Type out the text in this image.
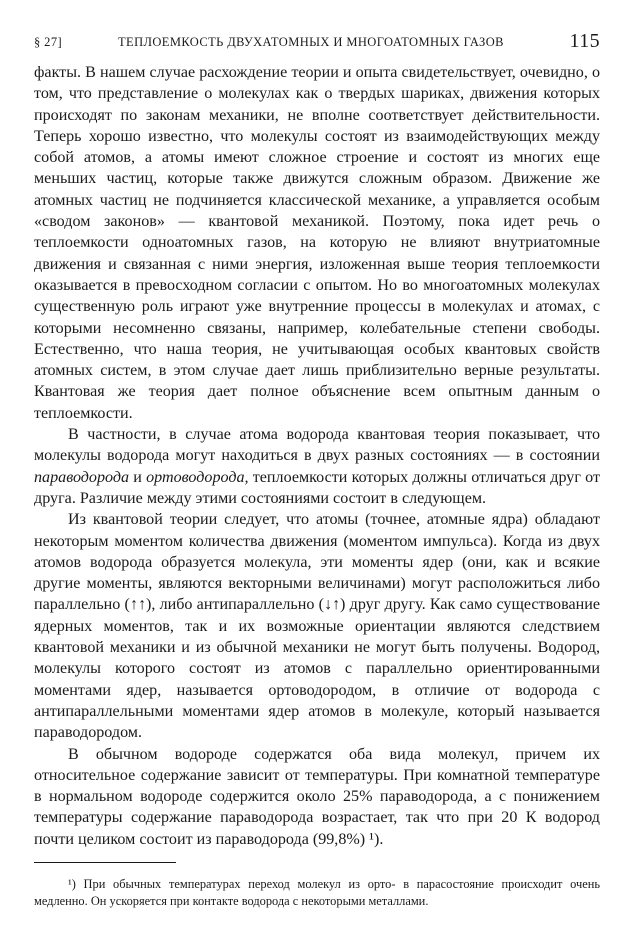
§ 27]	ТЕПЛОЕМКОСТЬ ДВУХАТОМНЫХ И МНОГОАТОМНЫХ ГАЗОВ	115

факты. В нашем случае расхождение теории и опыта свидетельствует, очевидно, о том, что представление о молекулах как о твердых шариках, движения которых происходят по законам механики, не вполне соответствует действительности. Теперь хорошо известно, что молекулы состоят из взаимодействующих между собой атомов, а атомы имеют сложное строение и состоят из многих еще меньших частиц, которые также движутся сложным образом. Движение же атомных частиц не подчиняется классической механике, а управляется особым «сводом законов» — квантовой механикой. Поэтому, пока идет речь о теплоемкости одноатомных газов, на которую не влияют внутриатомные движения и связанная с ними энергия, изложенная выше теория теплоемкости оказывается в превосходном согласии с опытом. Но во многоатомных молекулах существенную роль играют уже внутренние процессы в молекулах и атомах, с которыми несомненно связаны, например, колебательные степени свободы. Естественно, что наша теория, не учитывающая особых квантовых свойств атомных систем, в этом случае дает лишь приблизительно верные результаты. Квантовая же теория дает полное объяснение всем опытным данным о теплоемкости.

В частности, в случае атома водорода квантовая теория показывает, что молекулы водорода могут находиться в двух разных состояниях — в состоянии параводорода и ортоводорода, теплоемкости которых должны отличаться друг от друга. Различие между этими состояниями состоит в следующем.

Из квантовой теории следует, что атомы (точнее, атомные ядра) обладают некоторым моментом количества движения (моментом импульса). Когда из двух атомов водорода образуется молекула, эти моменты ядер (они, как и всякие другие моменты, являются векторными величинами) могут расположиться либо параллельно (↑↑), либо антипараллельно (↓↑) друг другу. Как само существование ядерных моментов, так и их возможные ориентации являются следствием квантовой механики и из обычной механики не могут быть получены. Водород, молекулы которого состоят из атомов с параллельно ориентированными моментами ядер, называется ортоводородом, в отличие от водорода с антипараллельными моментами ядер атомов в молекуле, который называется параводородом.

В обычном водороде содержатся оба вида молекул, причем их относительное содержание зависит от температуры. При комнатной температуре в нормальном водороде содержится около 25% параводорода, а с понижением температуры содержание параводорода возрастает, так что при 20 К водород почти целиком состоит из параводорода (99,8%) ¹).

¹) При обычных температурах переход молекул из орто- в парасостояние происходит очень медленно. Он ускоряется при контакте водорода с некоторыми металлами.
